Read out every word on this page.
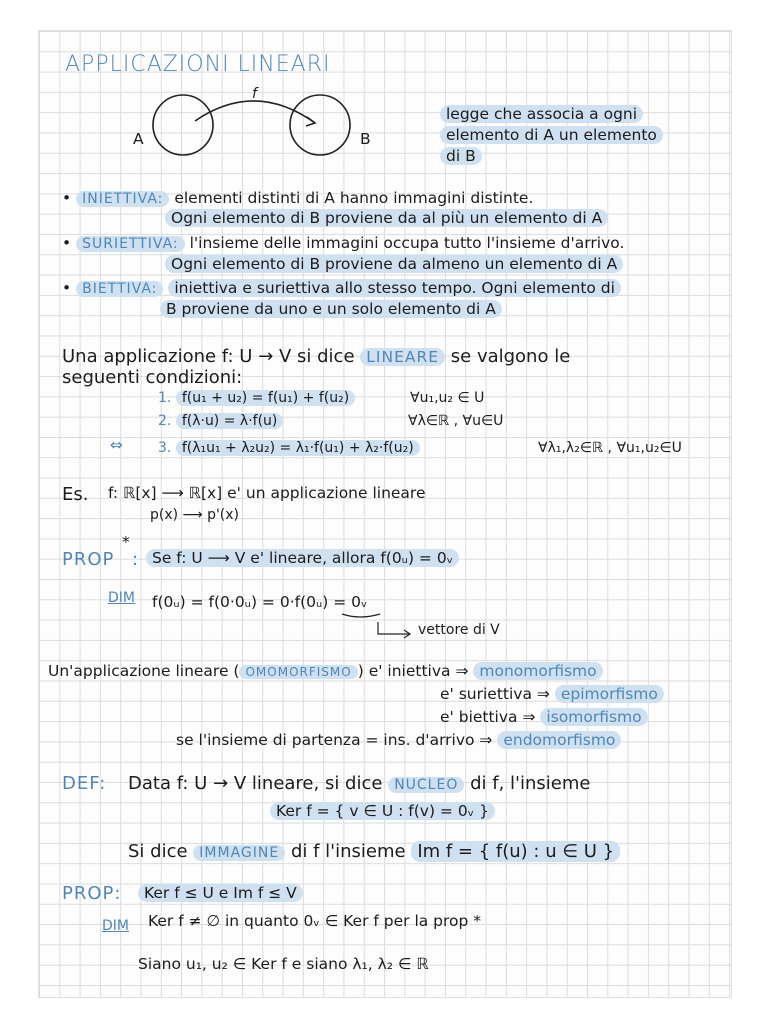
APPLICAZIONI LINEARI
A	B
f
legge che associa a ogni
elemento di A un elemento
di B
• INIETTIVA: elementi distinti di A hanno immagini distinte.
Ogni elemento di B proviene da al più un elemento di A
• SURIETTIVA: l'insieme delle immagini occupa tutto l'insieme d'arrivo.
Ogni elemento di B proviene da almeno un elemento di A
• BIETTIVA: iniettiva e suriettiva allo stesso tempo. Ogni elemento di
B proviene da uno e un solo elemento di A
Una applicazione f: U → V si dice LINEARE se valgono le
seguenti condizioni:
1. f(u₁ + u₂) = f(u₁) + f(u₂)	∀u₁,u₂ ∈ U
2. f(λ·u) = λ·f(u)	∀λ∈ℝ , ∀u∈U
⇔	3. f(λ₁u₁ + λ₂u₂) = λ₁·f(u₁) + λ₂·f(u₂)	∀λ₁,λ₂∈ℝ , ∀u₁,u₂∈U
Es. f: ℝ[x] ⟶ ℝ[x] e' un applicazione lineare
p(x) ⟶ p'(x)
PROP
*
: Se f: U ⟶ V e' lineare, allora f(0ᵤ) = 0ᵥ
DIM f(0ᵤ) = f(0·0ᵤ) = 0·f(0ᵤ) = 0ᵥ
vettore di V
Un'applicazione lineare ( OMOMORFISMO ) e' iniettiva ⇒ monomorfismo
e' suriettiva ⇒ epimorfismo
e' biettiva ⇒ isomorfismo
se l'insieme di partenza = ins. d'arrivo ⇒ endomorfismo
DEF: Data f: U → V lineare, si dice NUCLEO di f, l'insieme
Ker f = { v ∈ U : f(v) = 0ᵥ }
Si dice IMMAGINE di f l'insieme Im f = { f(u) : u ∈ U }
PROP:	Ker f ≤ U e Im f ≤ V
DIM Ker f ≠ ∅ in quanto 0ᵥ ∈ Ker f per la prop *
Siano u₁, u₂ ∈ Ker f e siano λ₁, λ₂ ∈ ℝ
